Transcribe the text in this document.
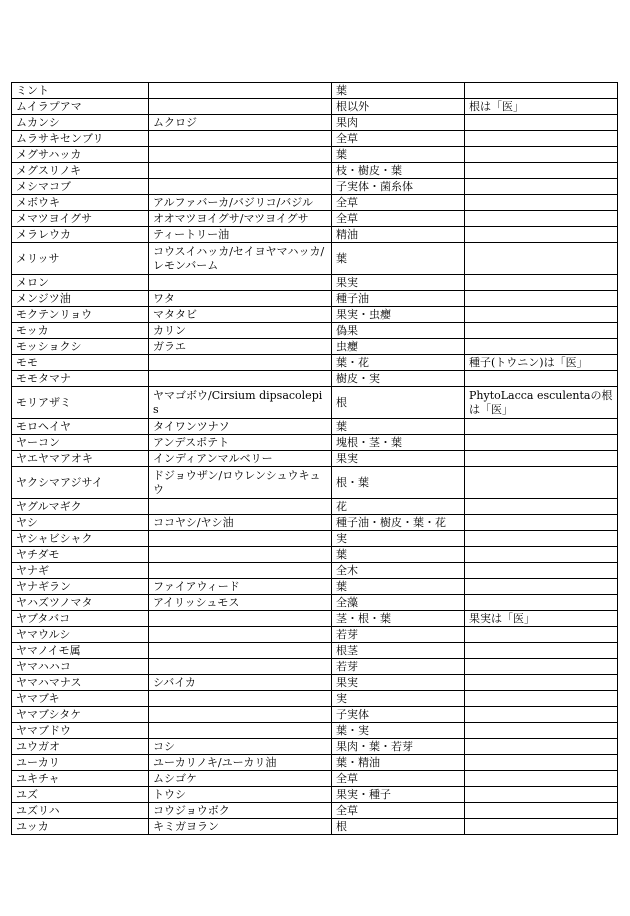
ミント		葉	
ムイラプアマ		根以外	根は「医」
ムカンシ	ムクロジ	果肉	
ムラサキセンブリ		全草	
メグサハッカ		葉	
メグスリノキ		枝・樹皮・葉	
メシマコブ		子実体・菌糸体	
メボウキ	アルファバーカ/バジリコ/バジル	全草	
メマツヨイグサ	オオマツヨイグサ/マツヨイグサ	全草	
メラレウカ	ティートリー油	精油	
メリッサ	コウスイハッカ/セイヨヤマハッカ/レモンバーム	葉	
メロン		果実	
メンジツ油	ワタ	種子油	
モクテンリョウ	マタタビ	果実・虫癭	
モッカ	カリン	偽果	
モッショクシ	ガラエ	虫癭	
モモ		葉・花	種子(トウニン)は「医」
モモタマナ		樹皮・実	
モリアザミ	ヤマゴボウ/Cirsium dipsacolepis	根	PhytoLacca esculentaの根は「医」
モロヘイヤ	タイワンツナソ	葉	
ヤーコン	アンデスポテト	塊根・茎・葉	
ヤエヤマアオキ	インディアンマルベリー	果実	
ヤクシマアジサイ	ドジョウザン/ロウレンシュウキュウ	根・葉	
ヤグルマギク		花	
ヤシ	ココヤシ/ヤシ油	種子油・樹皮・葉・花	
ヤシャビシャク		実	
ヤチダモ		葉	
ヤナギ		全木	
ヤナギラン	ファイアウィード	葉	
ヤハズツノマタ	アイリッシュモス	全藻	
ヤブタバコ		茎・根・葉	果実は「医」
ヤマウルシ		若芽	
ヤマノイモ属		根茎	
ヤマハハコ		若芽	
ヤマハマナス	シバイカ	果実	
ヤマブキ		実	
ヤマブシタケ		子実体	
ヤマブドウ		葉・実	
ユウガオ	コシ	果肉・葉・若芽	
ユーカリ	ユーカリノキ/ユーカリ油	葉・精油	
ユキチャ	ムシゴケ	全草	
ユズ	トウシ	果実・種子	
ユズリハ	コウジョウボク	全草	
ユッカ	キミガヨラン	根	
